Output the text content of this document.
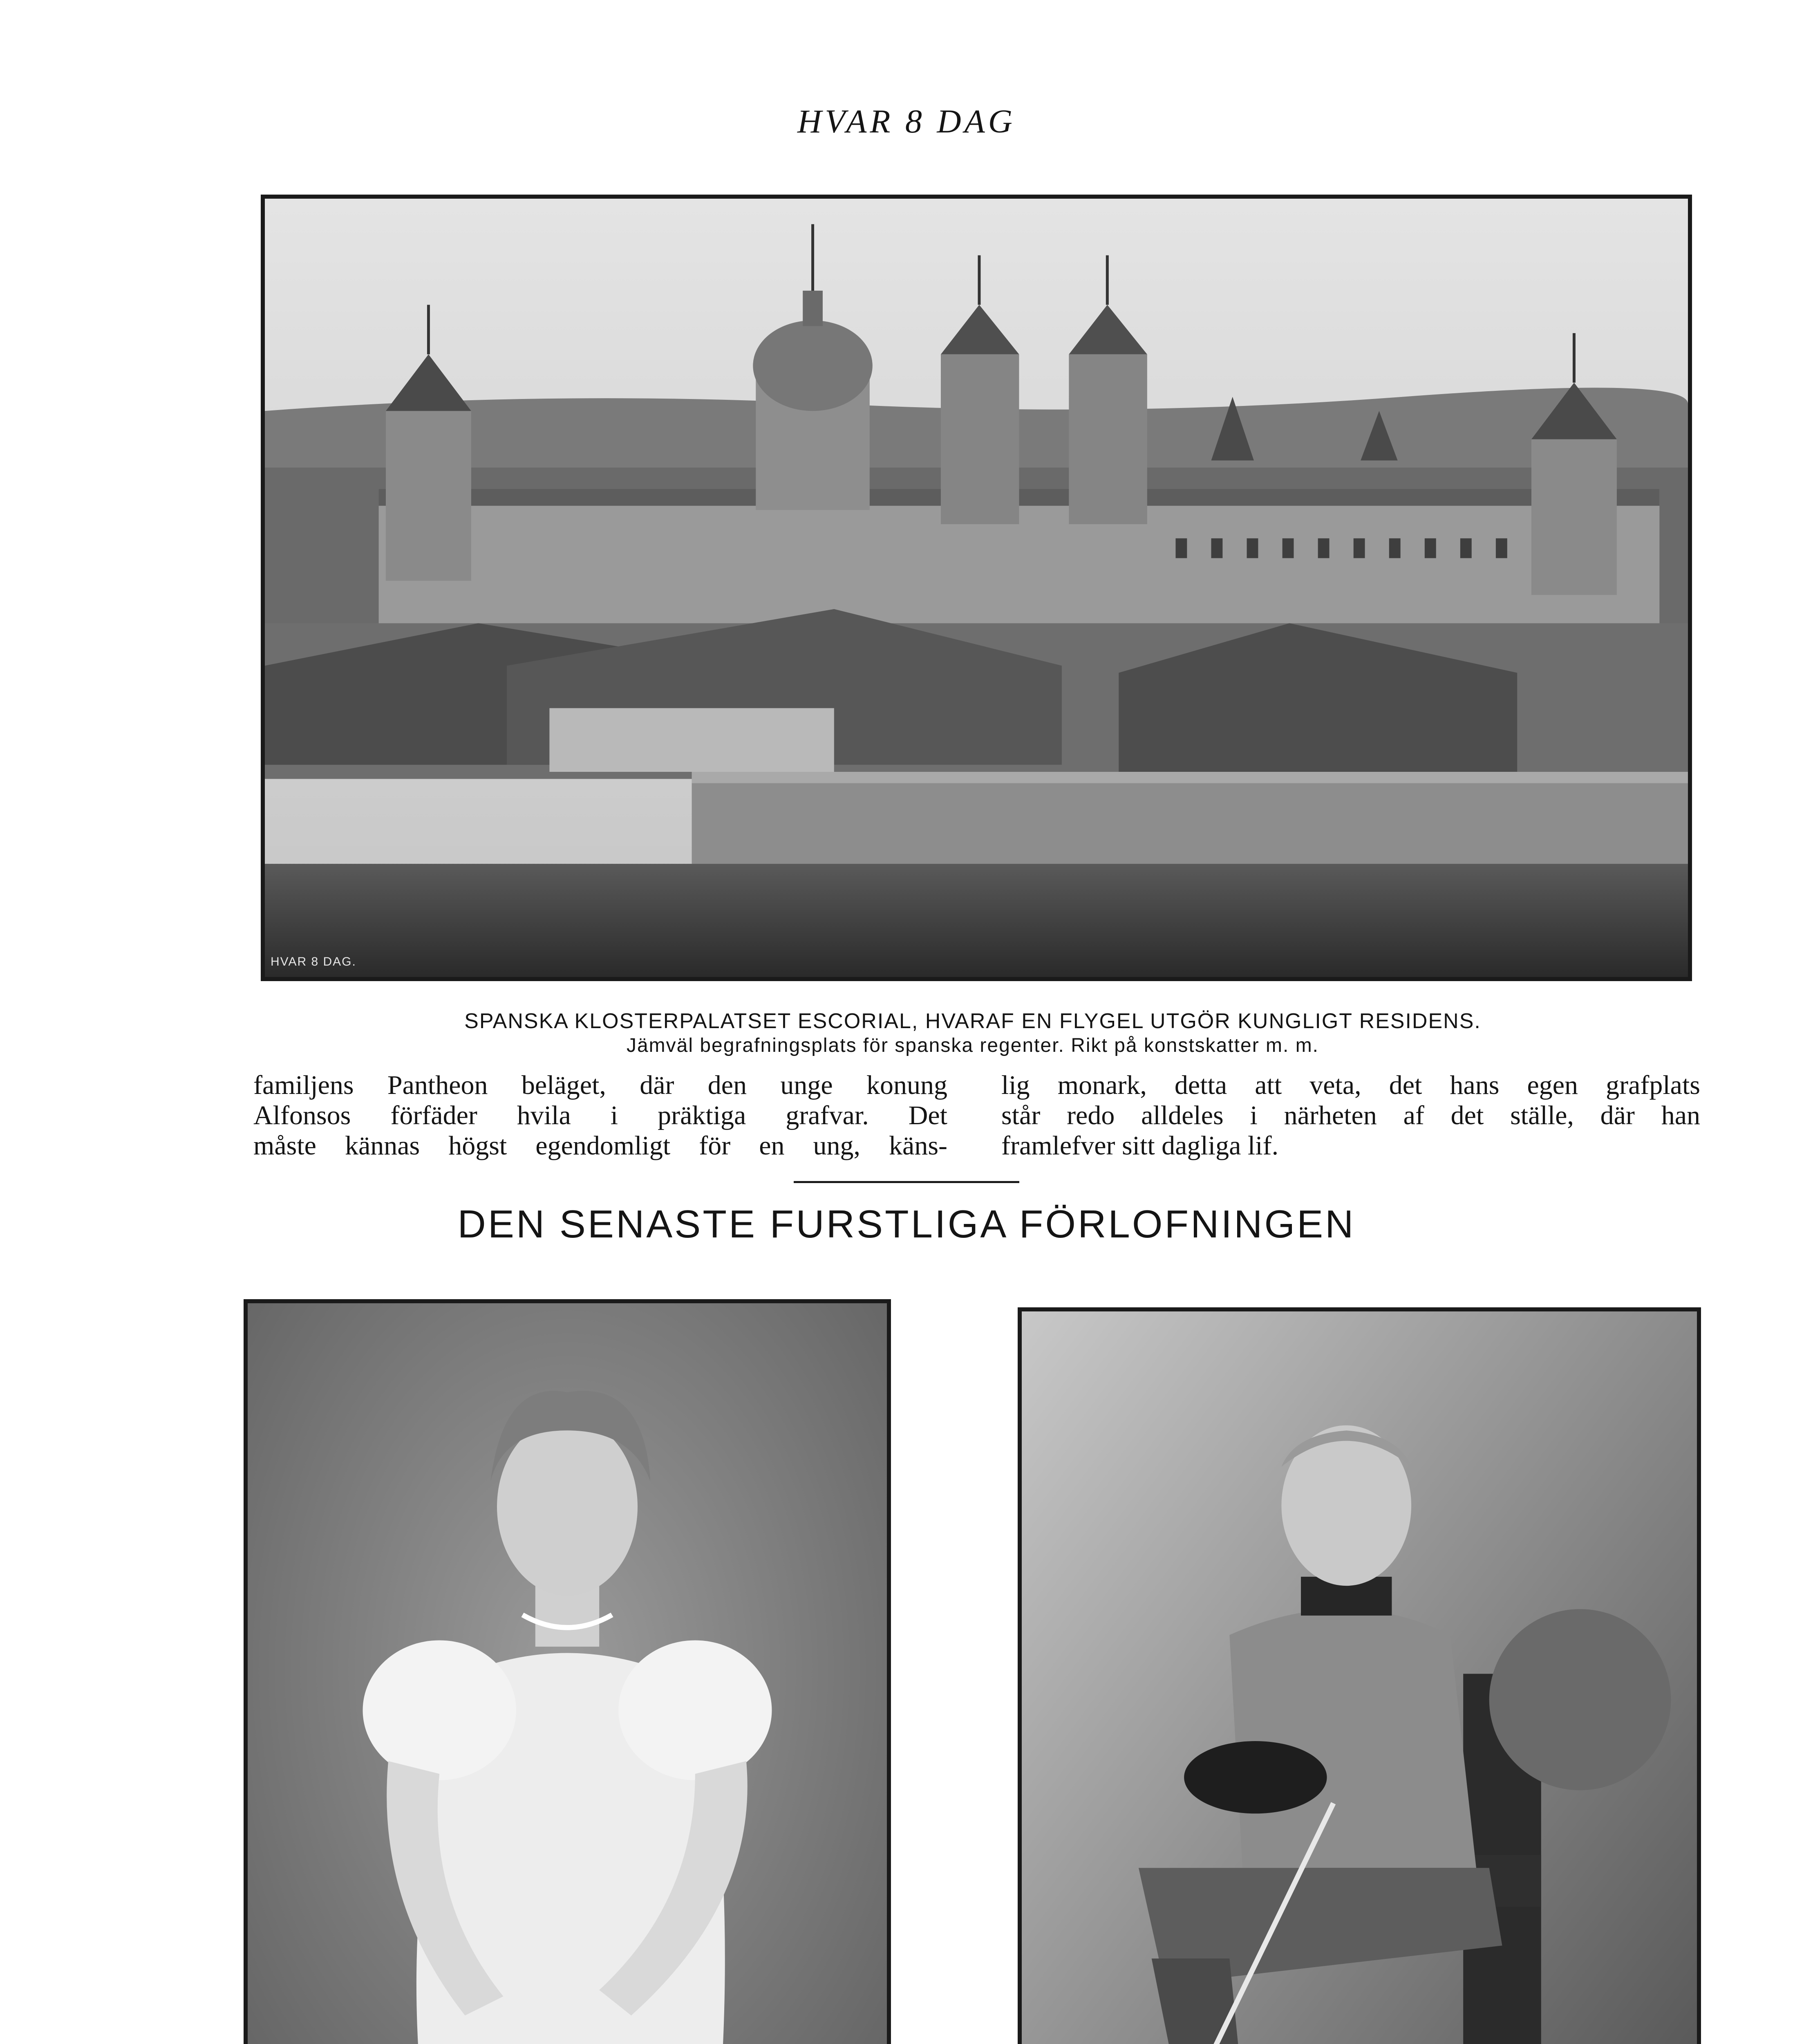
HVAR 8 DAG
HVAR 8 DAG.
SPANSKA KLOSTERPALATSET ESCORIAL, HVARAF EN FLYGEL UTGÖR KUNGLIGT RESIDENS.
Jämväl begrafningsplats för spanska regenter. Rikt på konstskatter m. m.
familjens Pantheon beläget, där den unge konung
Alfonsos förfäder hvila i präktiga grafvar. Det
måste kännas högst egendomligt för en ung, käns-
lig monark, detta att veta, det hans egen grafplats
står redo alldeles i närheten af det ställe, där han
framlefver sitt dagliga lif.
DEN SENASTE FURSTLIGA FÖRLOFNINGEN
